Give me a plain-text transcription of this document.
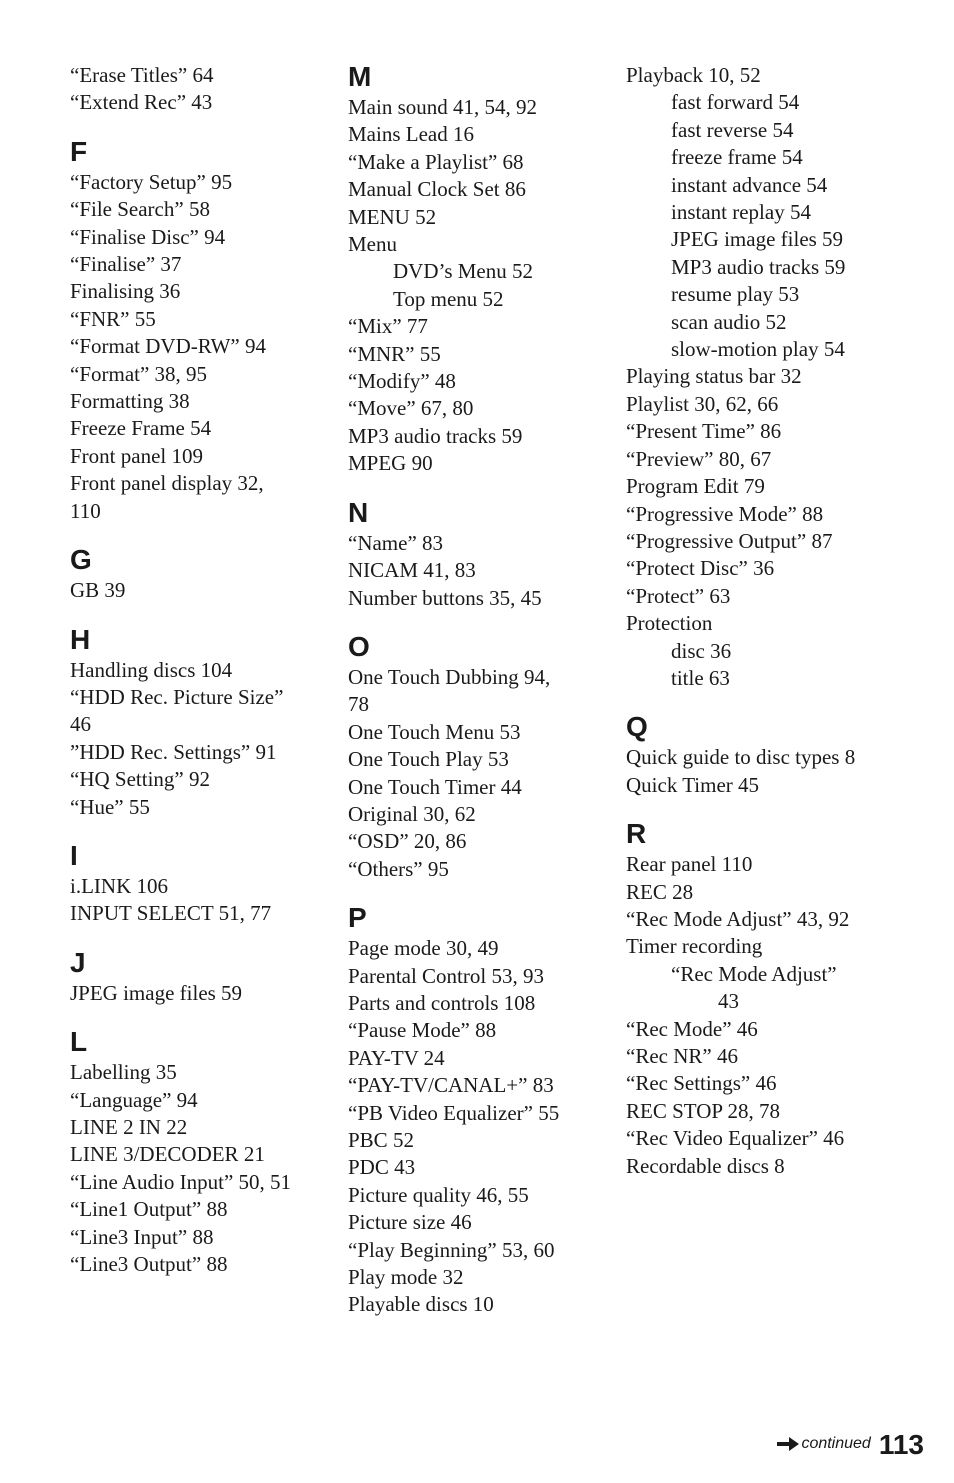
“Erase Titles” 64
“Extend Rec” 43
F
“Factory Setup” 95
“File Search” 58
“Finalise Disc” 94
“Finalise” 37
Finalising 36
“FNR” 55
“Format DVD-RW” 94
“Format” 38, 95
Formatting 38
Freeze Frame 54
Front panel 109
Front panel display 32,
110
G
GB 39
H
Handling discs 104
“HDD Rec. Picture Size”
46
”HDD Rec. Settings” 91
“HQ Setting” 92
“Hue” 55
I
i.LINK 106
INPUT SELECT 51, 77
J
JPEG image files 59
L
Labelling 35
“Language” 94
LINE 2 IN 22
LINE 3/DECODER 21
“Line Audio Input” 50, 51
“Line1 Output” 88
“Line3 Input” 88
“Line3 Output” 88
M
Main sound 41, 54, 92
Mains Lead 16
“Make a Playlist” 68
Manual Clock Set 86
MENU 52
Menu
DVD’s Menu 52
Top menu 52
“Mix” 77
“MNR” 55
“Modify” 48
“Move” 67, 80
MP3 audio tracks 59
MPEG 90
N
“Name” 83
NICAM 41, 83
Number buttons 35, 45
O
One Touch Dubbing 94,
78
One Touch Menu 53
One Touch Play 53
One Touch Timer 44
Original 30, 62
“OSD” 20, 86
“Others” 95
P
Page mode 30, 49
Parental Control 53, 93
Parts and controls 108
“Pause Mode” 88
PAY-TV 24
“PAY-TV/CANAL+” 83
“PB Video Equalizer” 55
PBC 52
PDC 43
Picture quality 46, 55
Picture size 46
“Play Beginning” 53, 60
Play mode 32
Playable discs 10
Playback 10, 52
fast forward 54
fast reverse 54
freeze frame 54
instant advance 54
instant replay 54
JPEG image files 59
MP3 audio tracks 59
resume play 53
scan audio 52
slow-motion play 54
Playing status bar 32
Playlist 30, 62, 66
“Present Time” 86
“Preview” 80, 67
Program Edit 79
“Progressive Mode” 88
“Progressive Output” 87
“Protect Disc” 36
“Protect” 63
Protection
disc 36
title 63
Q
Quick guide to disc types 8
Quick Timer 45
R
Rear panel 110
REC 28
“Rec Mode Adjust” 43, 92
Timer recording
“Rec Mode Adjust”
43
“Rec Mode” 46
“Rec NR” 46
“Rec Settings” 46
REC STOP 28, 78
“Rec Video Equalizer” 46
Recordable discs 8
continued 113
